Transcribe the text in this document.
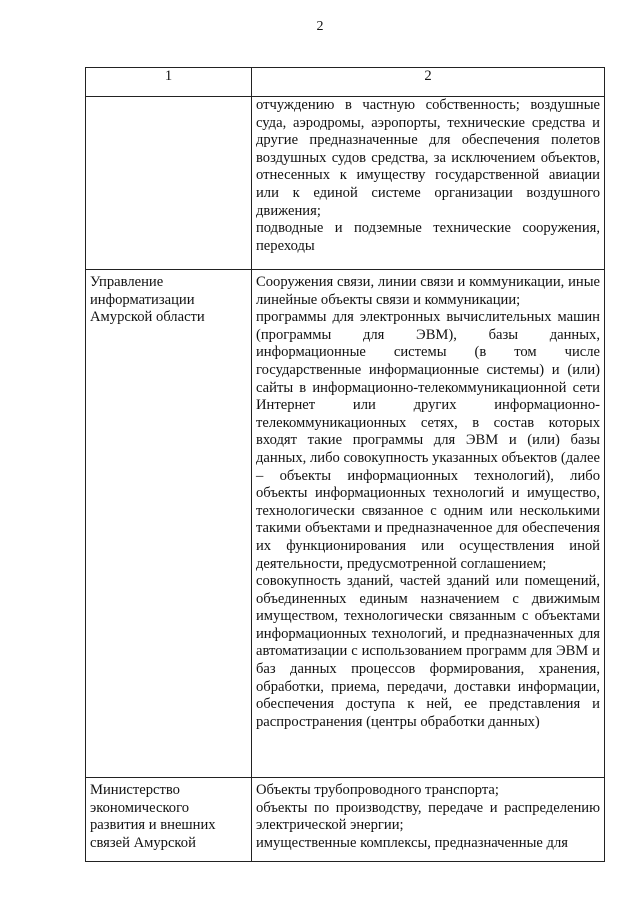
2
1	2
	отчуждению в частную собственность; воздушные суда, аэродромы, аэропорты, технические средства и другие предназначенные для обеспечения полетов воздушных судов средства, за исключением объектов, отнесенных к имуществу государственной авиации или к единой системе организации воздушного движения;
подводные и подземные технические сооружения, переходы
Управление информатизации Амурской области	Сооружения связи, линии связи и коммуникации, иные линейные объекты связи и коммуникации;
программы для электронных вычислительных машин (программы для ЭВМ), базы данных, информационные системы (в том числе государственные информационные системы) и (или) сайты в информационно-телекоммуникационной сети Интернет или других информационно-телекоммуникационных сетях, в состав которых входят такие программы для ЭВМ и (или) базы данных, либо совокупность указанных объектов (далее – объекты информационных технологий), либо объекты информационных технологий и имущество, технологически связанное с одним или несколькими такими объектами и предназначенное для обеспечения их функционирования или осуществления иной деятельности, предусмотренной соглашением;
совокупность зданий, частей зданий или помещений, объединенных единым назначением с движимым имуществом, технологически связанным с объектами информационных технологий, и предназначенных для автоматизации с использованием программ для ЭВМ и баз данных процессов формирования, хранения, обработки, приема, передачи, доставки информации, обеспечения доступа к ней, ее представления и распространения (центры обработки данных)
Министерство экономического развития и внешних связей Амурской	Объекты трубопроводного транспорта;
объекты по производству, передаче и распределению электрической энергии;
имущественные комплексы, предназначенные для
